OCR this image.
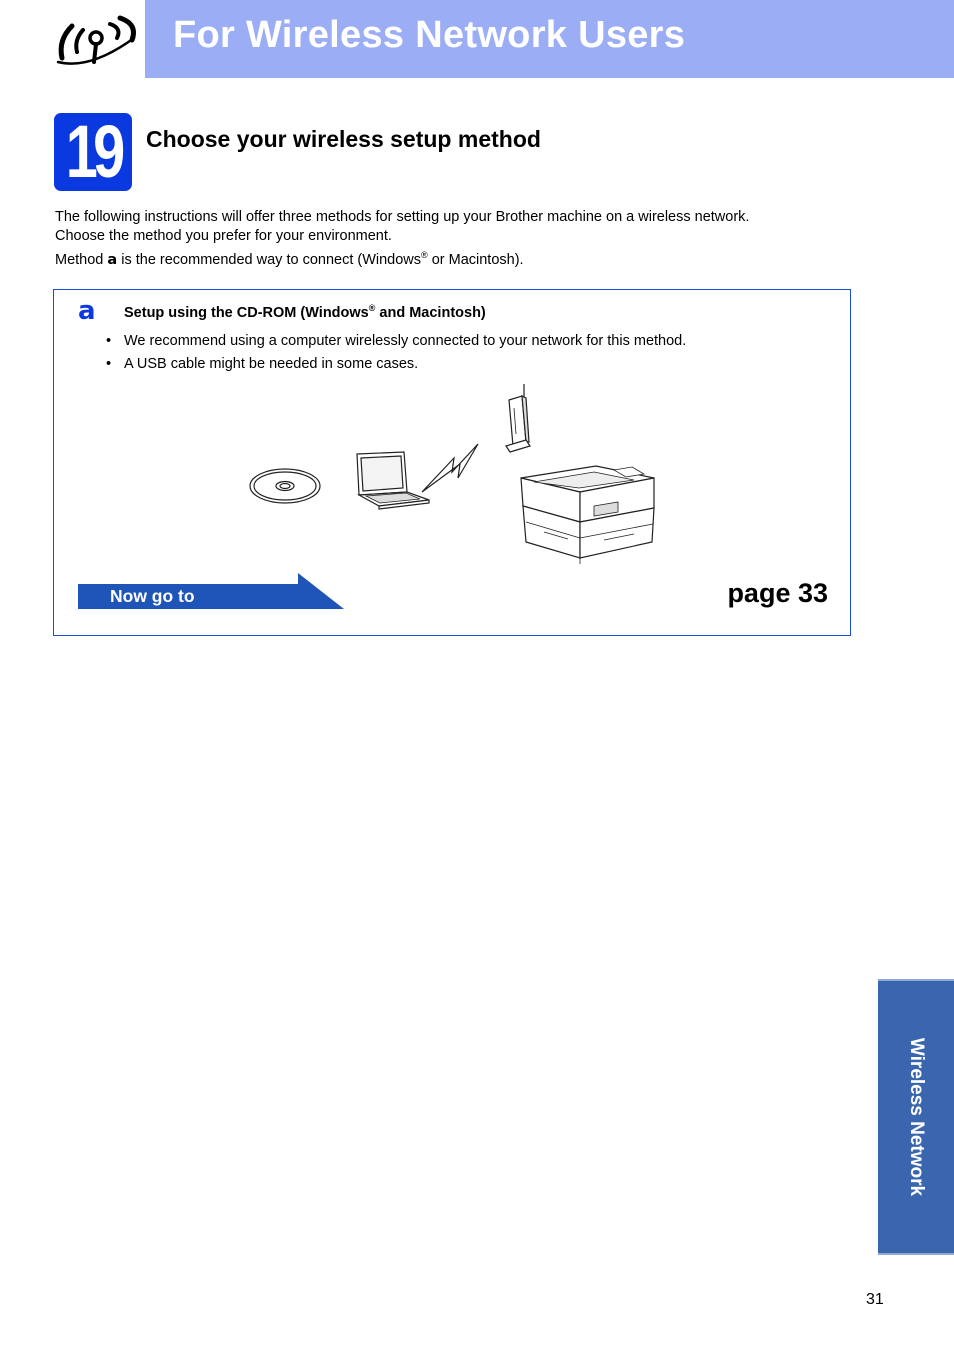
For Wireless Network Users
19 Choose your wireless setup method
The following instructions will offer three methods for setting up your Brother machine on a wireless network.
Choose the method you prefer for your environment.
Method a is the recommended way to connect (Windows® or Macintosh).
a Setup using the CD-ROM (Windows® and Macintosh)
• We recommend using a computer wirelessly connected to your network for this method.
• A USB cable might be needed in some cases.
Now go to	page 33
Wireless Network
31
